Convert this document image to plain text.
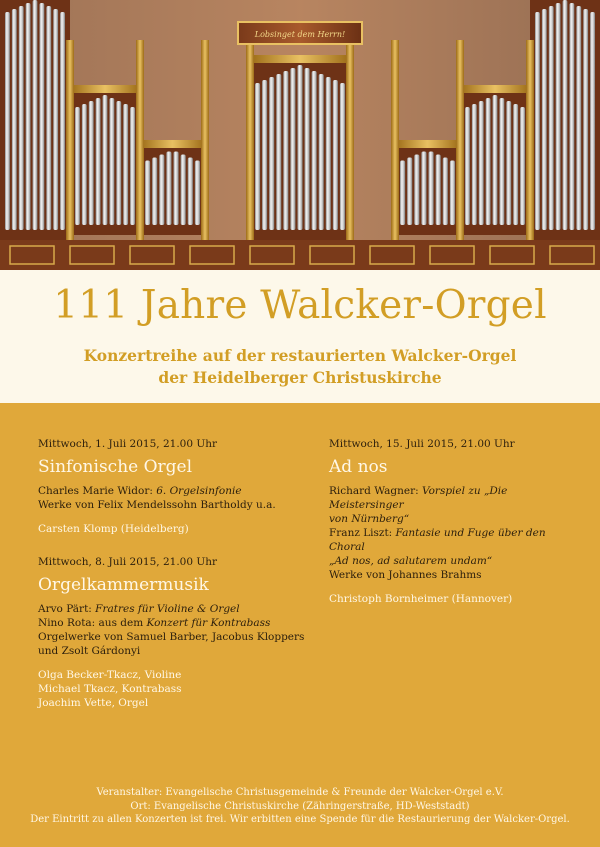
Lobsinget dem Herrn!
111 Jahre Walcker-Orgel
Konzertreihe auf der restaurierten Walcker-Orgel
der Heidelberger Christuskirche
Mittwoch, 1. Juli 2015, 21.00 Uhr
Sinfonische Orgel
Charles Marie Widor: 6. Orgelsinfonie
Werke von Felix Mendelssohn Bartholdy u.a.
Carsten Klomp (Heidelberg)
Mittwoch, 8. Juli 2015, 21.00 Uhr
Orgelkammermusik
Arvo Pärt: Fratres für Violine & Orgel
Nino Rota: aus dem Konzert für Kontrabass
Orgelwerke von Samuel Barber, Jacobus Kloppers
und Zsolt Gárdonyi
Olga Becker-Tkacz, Violine
Michael Tkacz, Kontrabass
Joachim Vette, Orgel
Mittwoch, 15. Juli 2015, 21.00 Uhr
Ad nos
Richard Wagner: Vorspiel zu „Die Meistersinger
von Nürnberg“
Franz Liszt: Fantasie und Fuge über den Choral
„Ad nos, ad salutarem undam“
Werke von Johannes Brahms
Christoph Bornheimer (Hannover)
Veranstalter: Evangelische Christusgemeinde & Freunde der Walcker-Orgel e.V.
Ort: Evangelische Christuskirche (Zähringerstraße, HD-Weststadt)
Der Eintritt zu allen Konzerten ist frei. Wir erbitten eine Spende für die Restaurierung der Walcker-Orgel.
